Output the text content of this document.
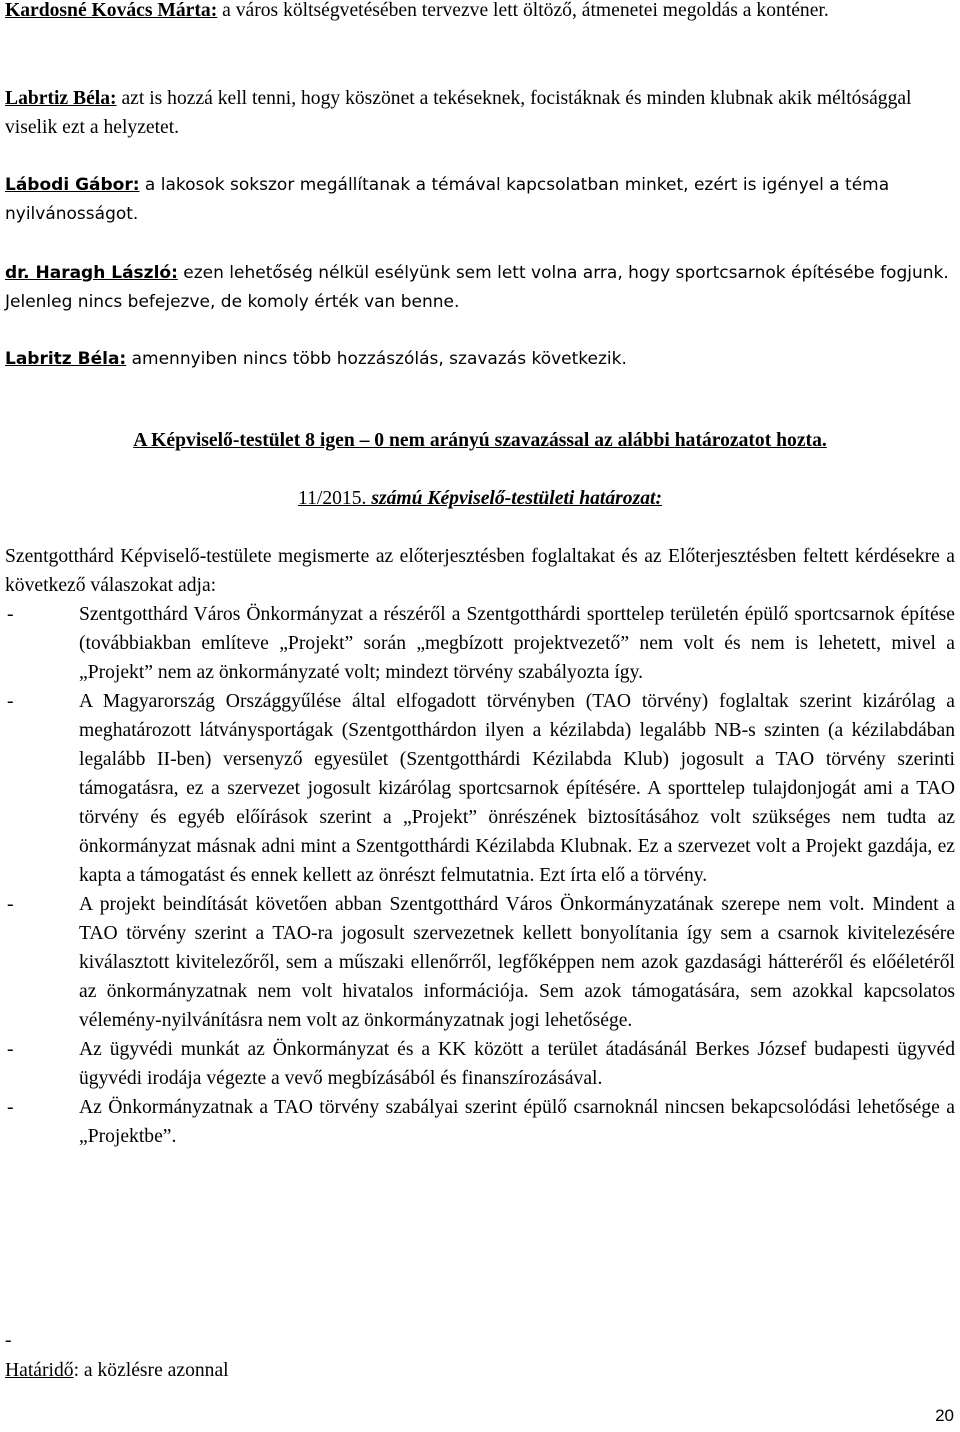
Kardosné Kovács Márta: a város költségvetésében tervezve lett öltöző, átmenetei megoldás a konténer.
Labrtiz Béla: azt is hozzá kell tenni, hogy köszönet a tekéseknek, focistáknak és minden klubnak akik méltósággal viselik ezt a helyzetet.
Lábodi Gábor: a lakosok sokszor megállítanak a témával kapcsolatban minket, ezért is igényel a téma nyilvánosságot.
dr. Haragh László: ezen lehetőség nélkül esélyünk sem lett volna arra, hogy sportcsarnok építésébe fogjunk. Jelenleg nincs befejezve, de komoly érték van benne.
Labritz Béla: amennyiben nincs több hozzászólás, szavazás következik.
A Képviselő-testület 8 igen – 0 nem arányú szavazással az alábbi határozatot hozta.
11/2015. számú Képviselő-testületi határozat:
Szentgotthárd Képviselő-testülete megismerte az előterjesztésben foglaltakat és az Előterjesztésben feltett kérdésekre a következő válaszokat adja:
-	Szentgotthárd Város Önkormányzat a részéről a Szentgotthárdi sporttelep területén épülő sportcsarnok építése (továbbiakban említeve „Projekt” során „megbízott projektvezető” nem volt és nem is lehetett, mivel a „Projekt” nem az önkormányzaté volt; mindezt törvény szabályozta így.
-	A Magyarország Országgyűlése által elfogadott törvényben (TAO törvény) foglaltak szerint kizárólag a meghatározott látványsportágak (Szentgotthárdon ilyen a kézilabda) legalább NB-s szinten (a kézilabdában legalább II-ben) versenyző egyesület (Szentgotthárdi Kézilabda Klub) jogosult a TAO törvény szerinti támogatásra, ez a szervezet jogosult kizárólag sportcsarnok építésére. A sporttelep tulajdonjogát ami a TAO törvény és egyéb előírások szerint a „Projekt” önrészének biztosításához volt szükséges nem tudta az önkormányzat másnak adni mint a Szentgotthárdi Kézilabda Klubnak. Ez a szervezet volt a Projekt gazdája, ez kapta a támogatást és ennek kellett az önrészt felmutatnia. Ezt írta elő a törvény.
-	A projekt beindítását követően abban Szentgotthárd Város Önkormányzatának szerepe nem volt. Mindent a TAO törvény szerint a TAO-ra jogosult szervezetnek kellett bonyolítania így sem a csarnok kivitelezésére kiválasztott kivitelezőről, sem a műszaki ellenőrről, legfőképpen nem azok gazdasági hátteréről és előéletéről az önkormányzatnak nem volt hivatalos információja. Sem azok támogatására, sem azokkal kapcsolatos vélemény-nyilvánításra nem volt az önkormányzatnak jogi lehetősége.
-	Az ügyvédi munkát az Önkormányzat és a KK között a terület átadásánál Berkes József budapesti ügyvéd ügyvédi irodája végezte a vevő megbízásából és finanszírozásával.
-	Az Önkormányzatnak a TAO törvény szabályai szerint épülő csarnoknál nincsen bekapcsolódási lehetősége a „Projektbe”.
-
Határidő: a közlésre azonnal
20
